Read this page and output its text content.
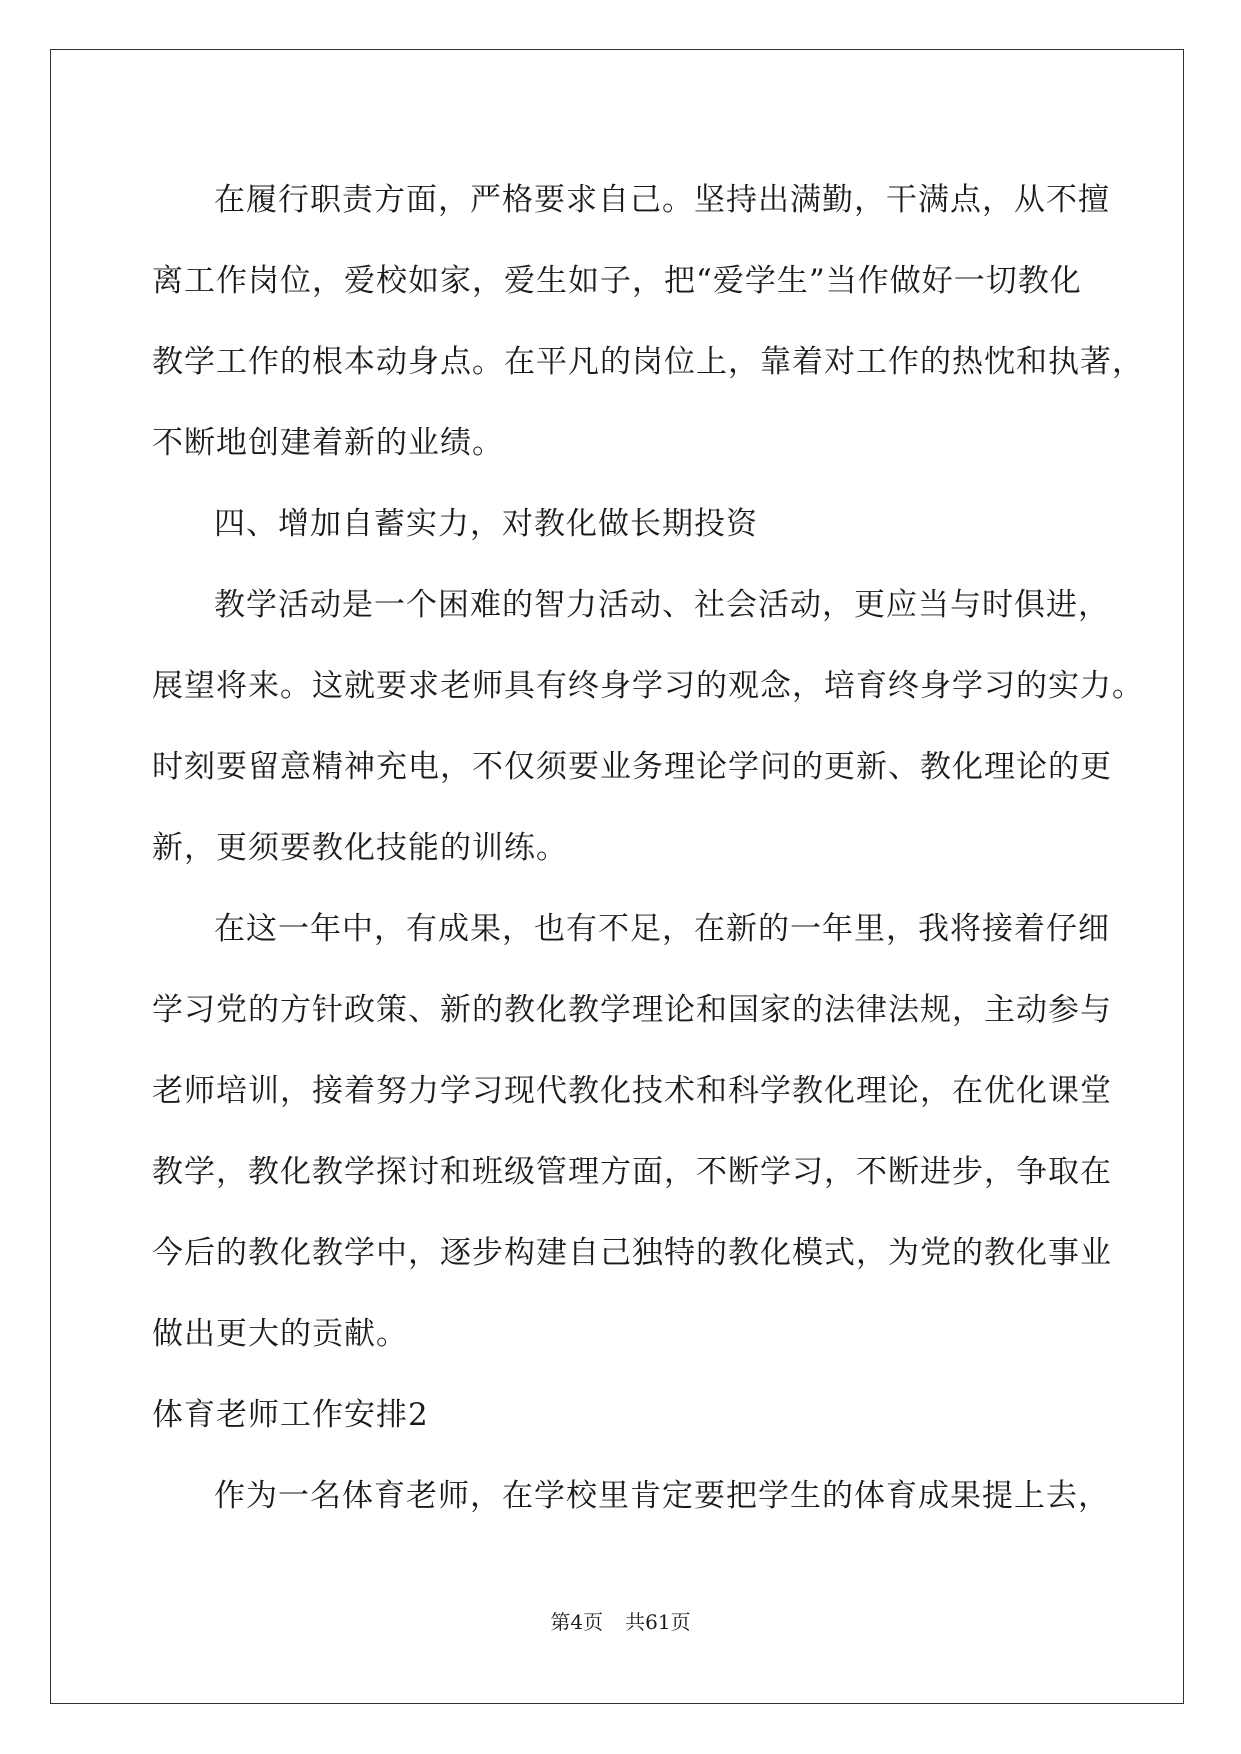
在履行职责方面，严格要求自己。坚持出满勤，干满点，从不擅
离工作岗位，爱校如家，爱生如子，把“爱学生”当作做好一切教化
教学工作的根本动身点。在平凡的岗位上，靠着对工作的热忱和执著，
不断地创建着新的业绩。

四、增加自蓄实力，对教化做长期投资

教学活动是一个困难的智力活动、社会活动，更应当与时俱进，
展望将来。这就要求老师具有终身学习的观念，培育终身学习的实力。
时刻要留意精神充电，不仅须要业务理论学问的更新、教化理论的更
新，更须要教化技能的训练。

在这一年中，有成果，也有不足，在新的一年里，我将接着仔细
学习党的方针政策、新的教化教学理论和国家的法律法规，主动参与
老师培训，接着努力学习现代教化技术和科学教化理论，在优化课堂
教学，教化教学探讨和班级管理方面，不断学习，不断进步，争取在
今后的教化教学中，逐步构建自己独特的教化模式，为党的教化事业
做出更大的贡献。

体育老师工作安排2

作为一名体育老师，在学校里肯定要把学生的体育成果提上去，

第4页 共61页
